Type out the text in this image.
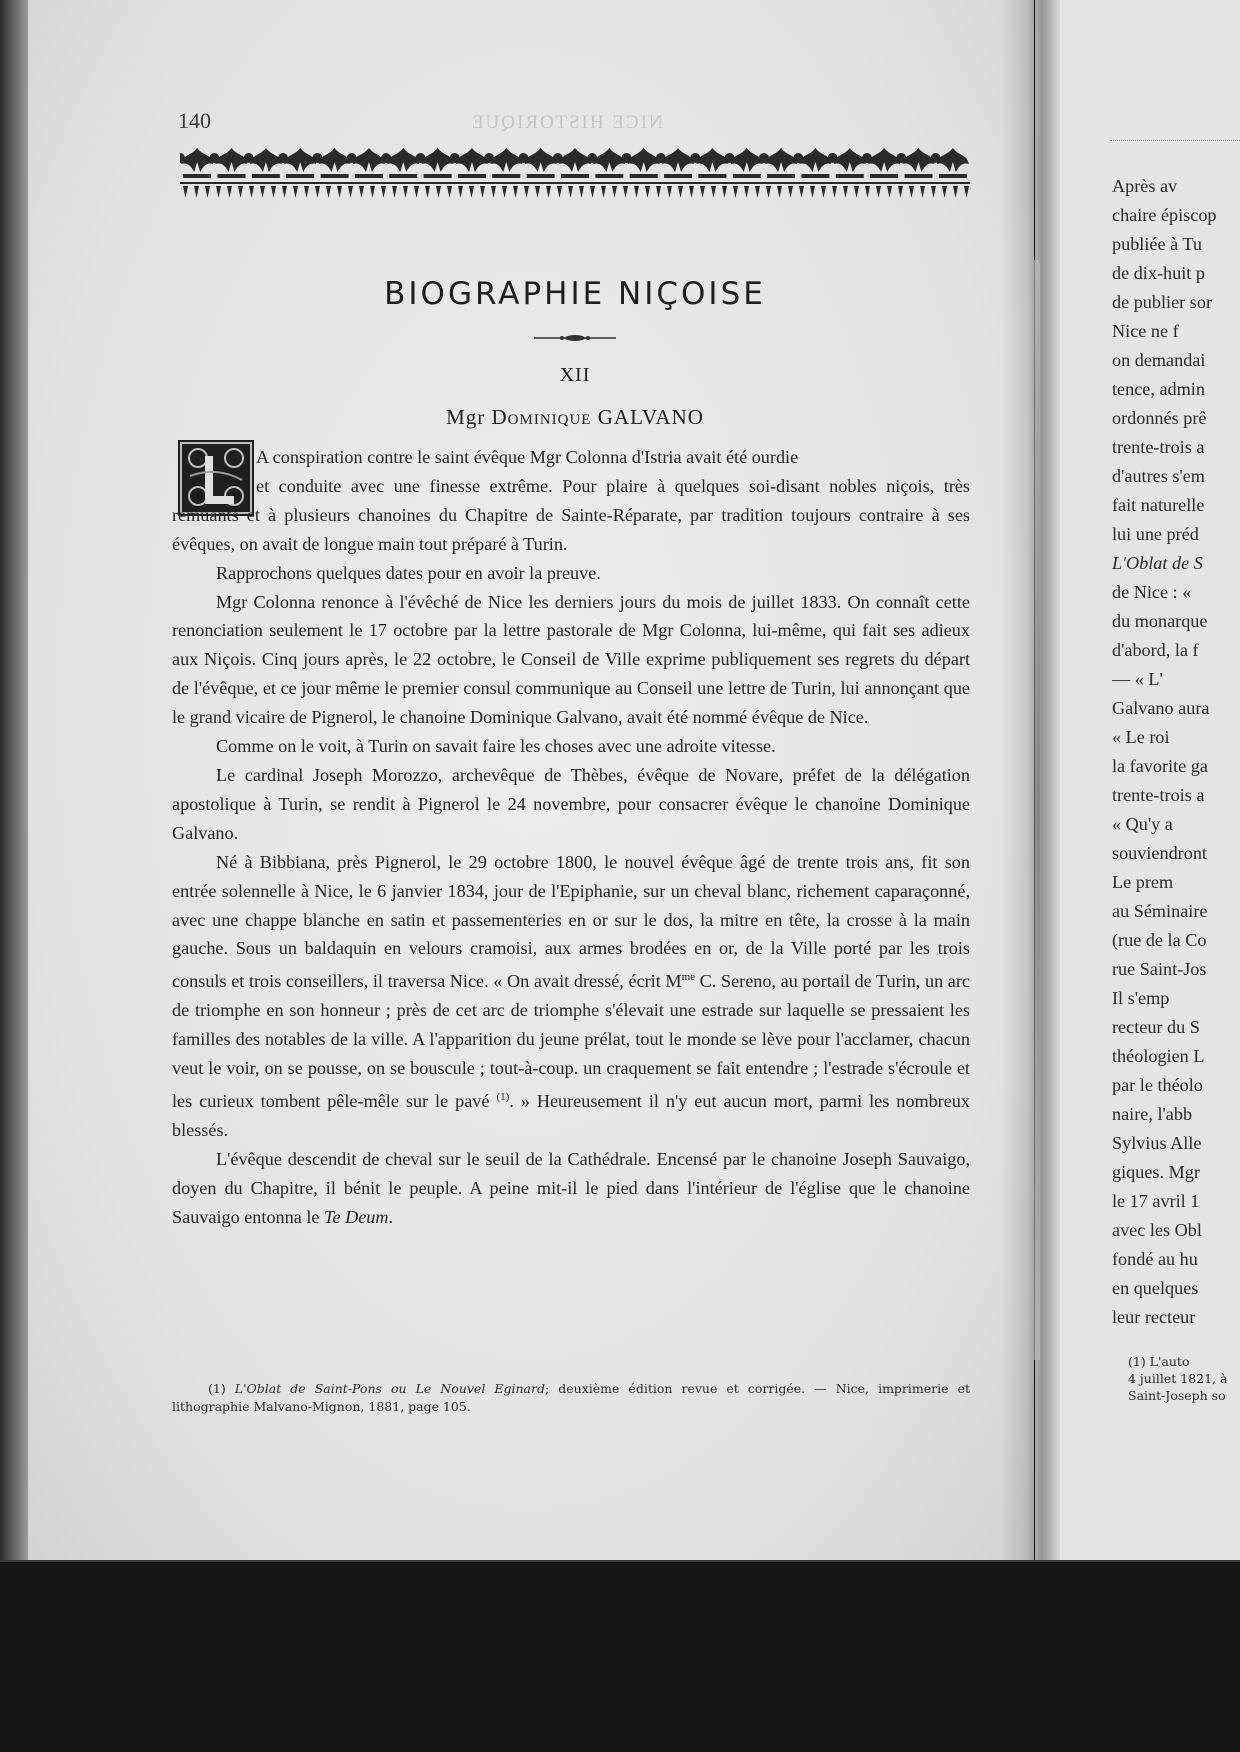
140	NICE HISTORIQUE
BIOGRAPHIE NIÇOISE
XII
Mgr Dominique GALVANO

A conspiration contre le saint évêque Mgr Colonna d'Istria avait été ourdie

et conduite avec une finesse extrême. Pour plaire à quelques soi-disant nobles niçois, très remuants et à plusieurs chanoines du Chapitre de Sainte-Réparate, par tradition toujours contraire à ses évêques, on avait de longue main tout préparé à Turin.

Rapprochons quelques dates pour en avoir la preuve.

Mgr Colonna renonce à l'évêché de Nice les derniers jours du mois de juillet 1833. On connaît cette renonciation seulement le 17 octobre par la lettre pastorale de Mgr Colonna, lui-même, qui fait ses adieux aux Niçois. Cinq jours après, le 22 octobre, le Conseil de Ville exprime publiquement ses regrets du départ de l'évêque, et ce jour même le premier consul communique au Conseil une lettre de Turin, lui annonçant que le grand vicaire de Pignerol, le chanoine Dominique Galvano, avait été nommé évêque de Nice.

Comme on le voit, à Turin on savait faire les choses avec une adroite vitesse.

Le cardinal Joseph Morozzo, archevêque de Thèbes, évêque de Novare, préfet de la délégation apostolique à Turin, se rendit à Pignerol le 24 novembre, pour consacrer évêque le chanoine Dominique Galvano.

Né à Bibbiana, près Pignerol, le 29 octobre 1800, le nouvel évêque âgé de trente trois ans, fit son entrée solennelle à Nice, le 6 janvier 1834, jour de l'Epiphanie, sur un cheval blanc, richement caparaçonné, avec une chappe blanche en satin et passementeries en or sur le dos, la mitre en tête, la crosse à la main gauche. Sous un baldaquin en velours cramoisi, aux armes brodées en or, de la Ville porté par les trois consuls et trois conseillers, il traversa Nice. « On avait dressé, écrit $M^{me}$ C. Sereno, au portail de Turin, un arc de triomphe en son honneur ; près de cet arc de triomphe s'élevait une estrade sur laquelle se pressaient les familles des notables de la ville. A l'apparition du jeune prélat, tout le monde se lève pour l'acclamer, chacun veut le voir, on se pousse, on se bouscule ; tout-à-coup. un craquement se fait entendre ; l'estrade s'écroule et les curieux tombent pêle-mêle sur le pavé $^{(1)}$. » Heureusement il n'y eut aucun mort, parmi les nombreux blessés.

L'évêque descendit de cheval sur le seuil de la Cathédrale. Encensé par le chanoine Joseph Sauvaigo, doyen du Chapitre, il bénit le peuple. A peine mit-il le pied dans l'intérieur de l'église que le chanoine Sauvaigo entonna le Te Deum.

(1) L'Oblat de Saint-Pons ou Le Nouvel Eginard; deuxième édition revue et corrigée. — Nice, imprimerie et lithographie Malvano-Mignon, 1881, page 105.
Après av
chaire épiscop
publiée à Tu
de dix-huit p
de publier sor
Nice ne f
on demandai
tence, admin
ordonnés prê
trente-trois a
d'autres s'em
fait naturelle
lui une préd
L'Oblat de S
de Nice : «
du monarque
d'abord, la f
— « L'
Galvano aura
« Le roi
la favorite ga
trente-trois a
« Qu'y a
souviendront
Le prem
au Séminaire
(rue de la Co
rue Saint-Jos
Il s'emp
recteur du S
théologien L
par le théolo
naire, l'abb
Sylvius Alle
giques. Mgr
le 17 avril 1
avec les Obl
fondé au hu
en quelques
leur recteur
(1) L'auto
4 juillet 1821, à
Saint-Joseph so
